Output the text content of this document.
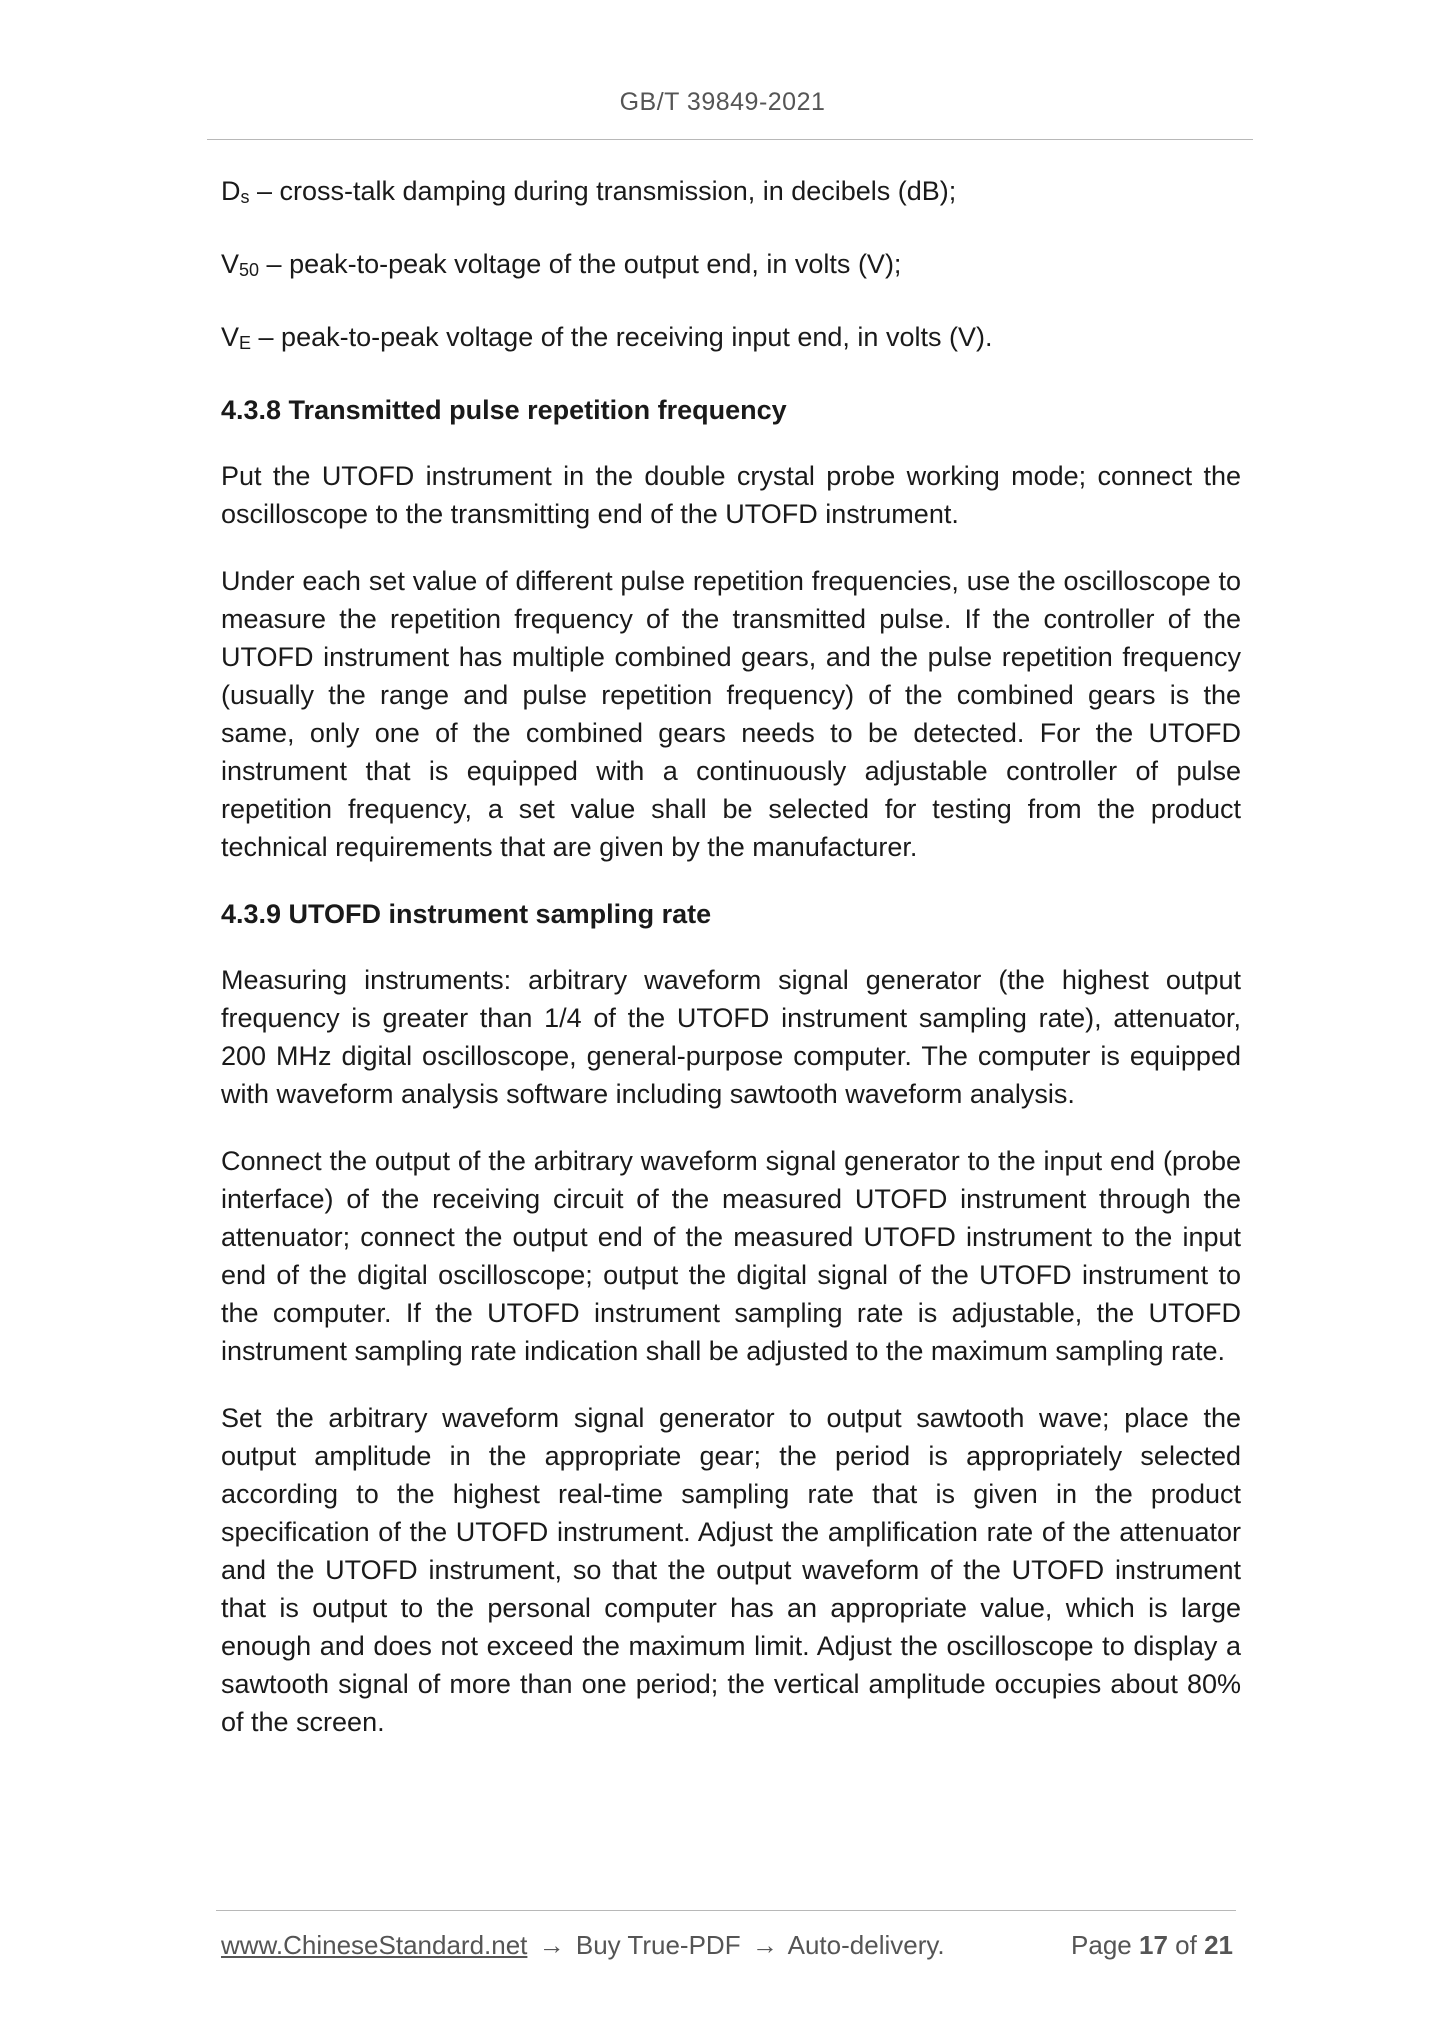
GB/T 39849-2021
Ds – cross-talk damping during transmission, in decibels (dB);
V50 – peak-to-peak voltage of the output end, in volts (V);
VE – peak-to-peak voltage of the receiving input end, in volts (V).
4.3.8 Transmitted pulse repetition frequency

Put the UTOFD instrument in the double crystal probe working mode; connect the oscilloscope to the transmitting end of the UTOFD instrument.

Under each set value of different pulse repetition frequencies, use the oscilloscope to measure the repetition frequency of the transmitted pulse. If the controller of the UTOFD instrument has multiple combined gears, and the pulse repetition frequency (usually the range and pulse repetition frequency) of the combined gears is the same, only one of the combined gears needs to be detected. For the UTOFD instrument that is equipped with a continuously adjustable controller of pulse repetition frequency, a set value shall be selected for testing from the product technical requirements that are given by the manufacturer.

4.3.9 UTOFD instrument sampling rate

Measuring instruments: arbitrary waveform signal generator (the highest output frequency is greater than 1/4 of the UTOFD instrument sampling rate), attenuator, 200 MHz digital oscilloscope, general-purpose computer. The computer is equipped with waveform analysis software including sawtooth waveform analysis.

Connect the output of the arbitrary waveform signal generator to the input end (probe interface) of the receiving circuit of the measured UTOFD instrument through the attenuator; connect the output end of the measured UTOFD instrument to the input end of the digital oscilloscope; output the digital signal of the UTOFD instrument to the computer. If the UTOFD instrument sampling rate is adjustable, the UTOFD instrument sampling rate indication shall be adjusted to the maximum sampling rate.

Set the arbitrary waveform signal generator to output sawtooth wave; place the output amplitude in the appropriate gear; the period is appropriately selected according to the highest real-time sampling rate that is given in the product specification of the UTOFD instrument. Adjust the amplification rate of the attenuator and the UTOFD instrument, so that the output waveform of the UTOFD instrument that is output to the personal computer has an appropriate value, which is large enough and does not exceed the maximum limit. Adjust the oscilloscope to display a sawtooth signal of more than one period; the vertical amplitude occupies about 80% of the screen.

www.ChineseStandard.net → Buy True-PDF → Auto-delivery.	Page 17 of 21
